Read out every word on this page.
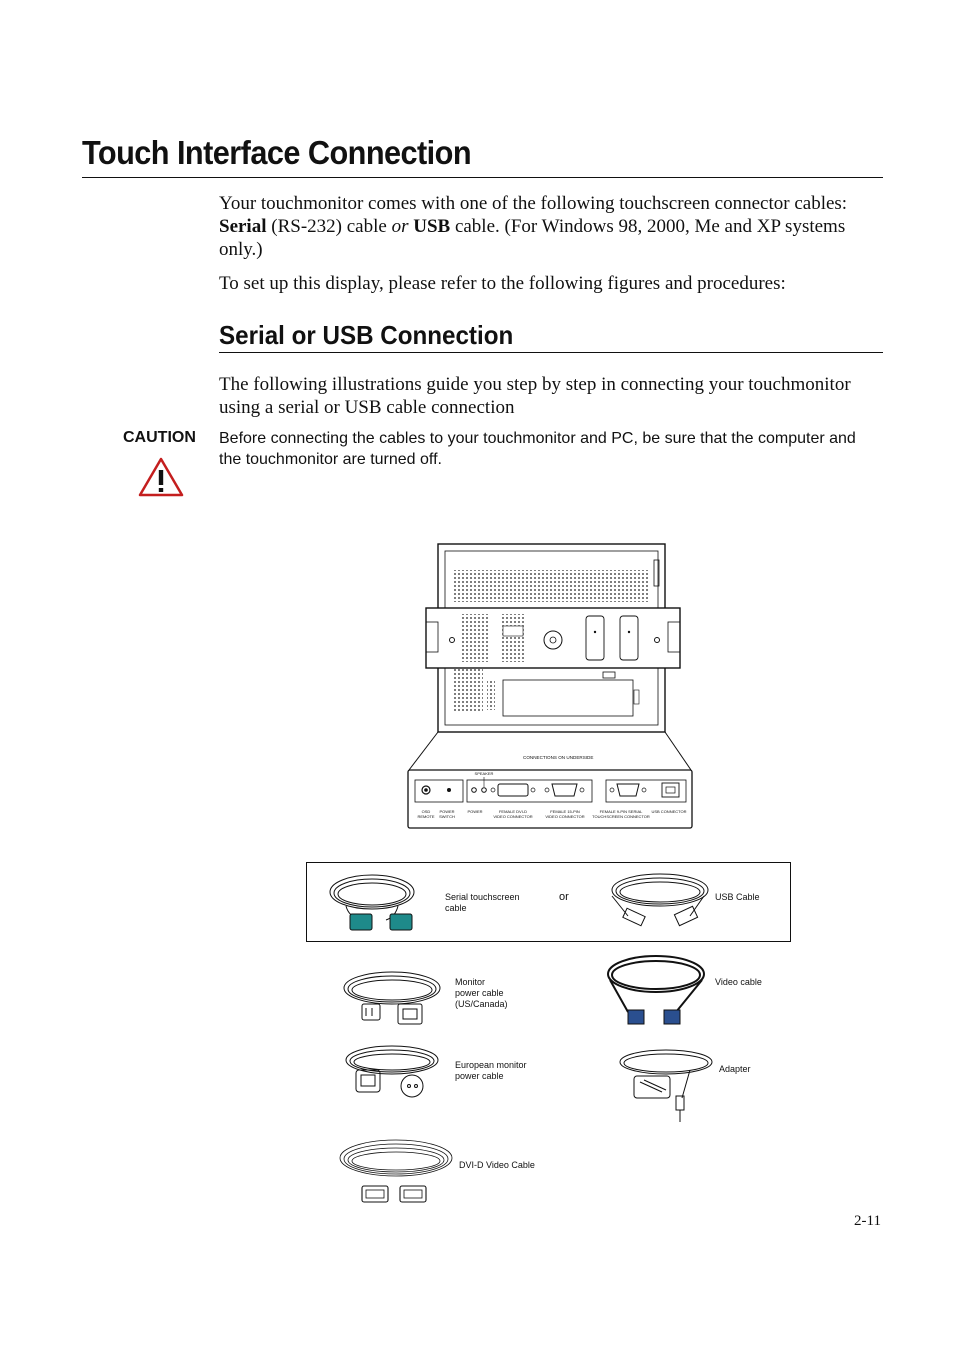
Touch Interface Connection

Your touchmonitor comes with one of the following touchscreen connector cables: Serial (RS-232) cable or USB cable. (For Windows 98, 2000, Me and XP systems only.)

To set up this display, please refer to the following figures and procedures:

Serial or USB Connection

The following illustrations guide you step by step in connecting your touchmonitor using a serial or USB cable connection

CAUTION Before connecting the cables to your touchmonitor and PC, be sure that the computer and the touchmonitor are turned off.
CONNECTIONS ON UNDERSIDE
SPEAKER
OSD
REMOTE
POWER
SWITCH
POWER	FEMALE DVI-D
VIDEO CONNECTOR
FEMALE 15-PIN
VIDEO CONNECTOR
FEMALE 9-PIN SERIAL
TOUCHSCREEN CONNECTOR
USB CONNECTOR
Serial touchscreen cable
or	USB Cable
Monitor
power cable
(US/Canada)
Video cable
European monitor
power cable
Adapter
DVI-D Video Cable
2-11
